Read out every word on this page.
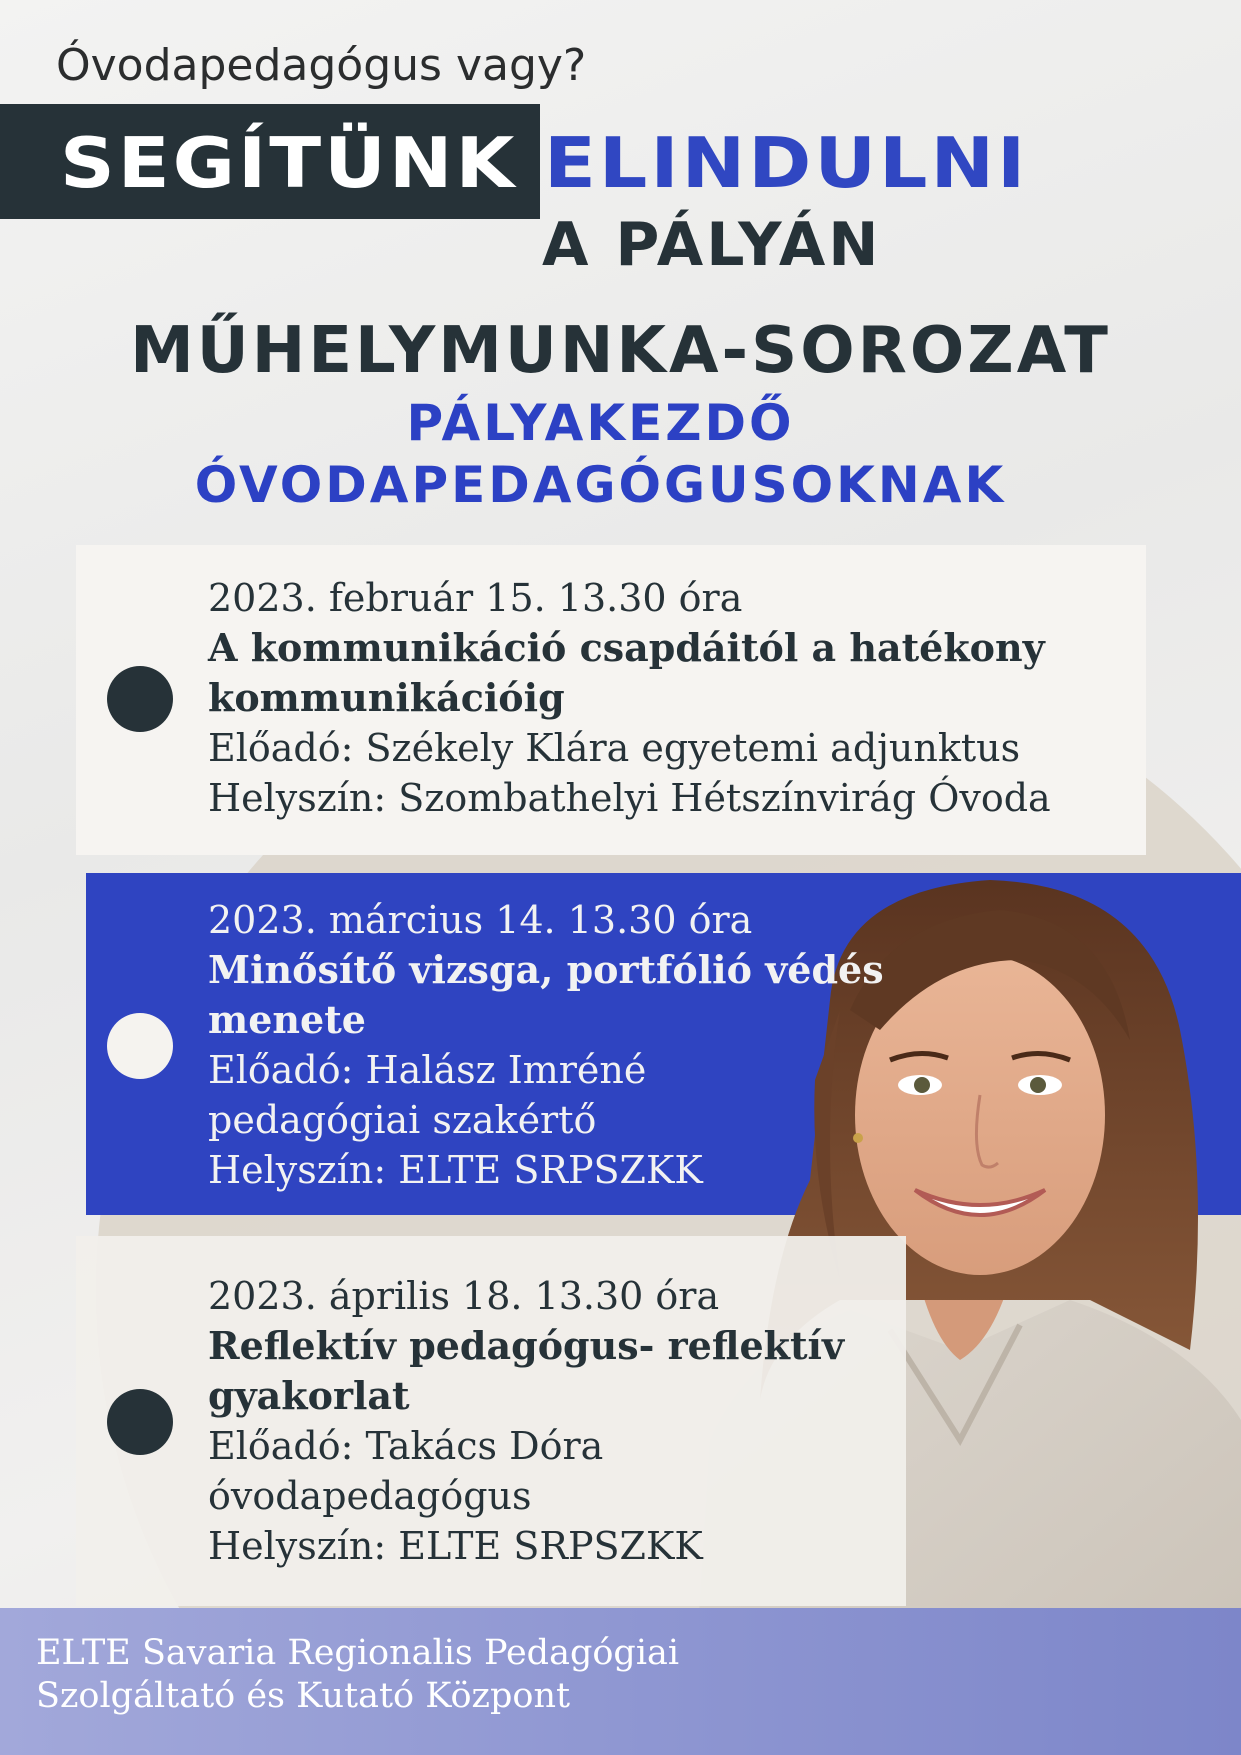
Óvodapedagógus vagy?
SEGÍTÜNK ELINDULNI
A PÁLYÁN
MŰHELYMUNKA-SOROZAT
PÁLYAKEZDŐ
ÓVODAPEDAGÓGUSOKNAK
2023. február 15. 13.30 óra
A kommunikáció csapdáitól a hatékony
kommunikációig
Előadó: Székely Klára egyetemi adjunktus
Helyszín: Szombathelyi Hétszínvirág Óvoda
2023. március 14. 13.30 óra
Minősítő vizsga, portfólió védés
menete
Előadó: Halász Imréné
pedagógiai szakértő
Helyszín: ELTE SRPSZKK
2023. április 18. 13.30 óra
Reflektív pedagógus- reflektív
gyakorlat
Előadó: Takács Dóra
óvodapedagógus
Helyszín: ELTE SRPSZKK
ELTE Savaria Regionalis Pedagógiai
Szolgáltató és Kutató Központ
